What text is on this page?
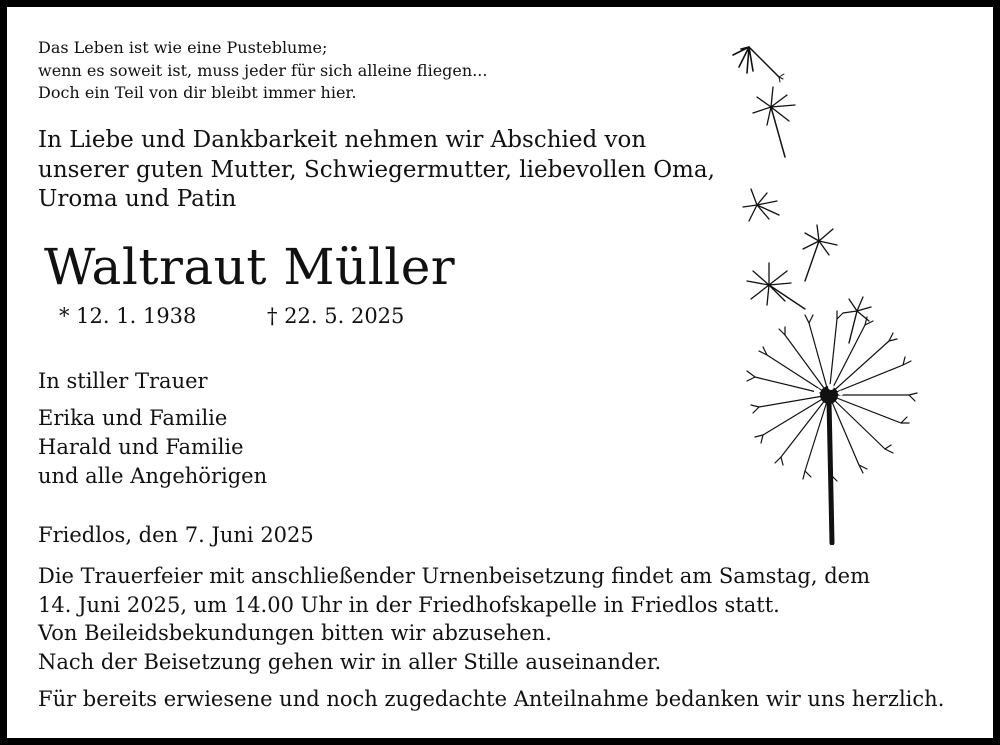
Das Leben ist wie eine Pusteblume;
wenn es soweit ist, muss jeder für sich alleine fliegen...
Doch ein Teil von dir bleibt immer hier.
In Liebe und Dankbarkeit nehmen wir Abschied von
unserer guten Mutter, Schwiegermutter, liebevollen Oma,
Uroma und Patin
Waltraut Müller
* 12. 1. 1938	† 22. 5. 2025
In stiller Trauer
Erika und Familie
Harald und Familie
und alle Angehörigen
Friedlos, den 7. Juni 2025
Die Trauerfeier mit anschließender Urnenbeisetzung findet am Samstag, dem
14. Juni 2025, um 14.00 Uhr in der Friedhofskapelle in Friedlos statt.
Von Beileidsbekundungen bitten wir abzusehen.
Nach der Beisetzung gehen wir in aller Stille auseinander.
Für bereits erwiesene und noch zugedachte Anteilnahme bedanken wir uns herzlich.
